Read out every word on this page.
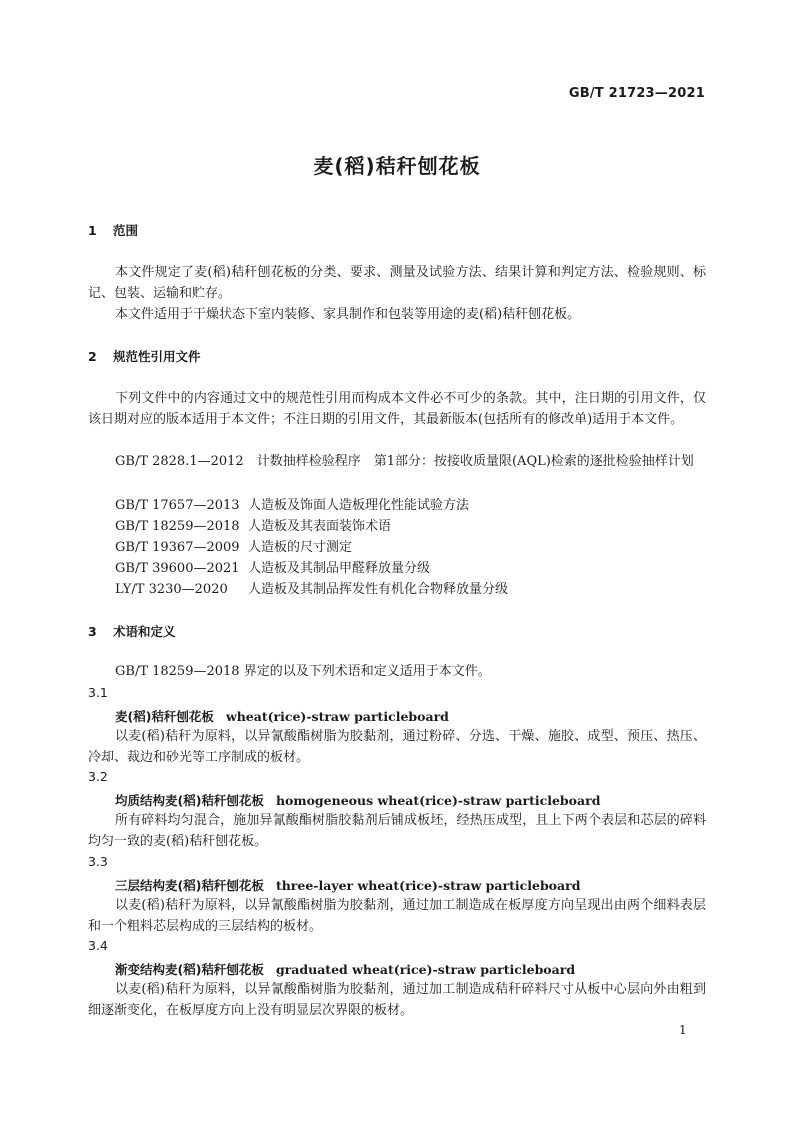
GB/T 21723—2021
麦(稻)秸秆刨花板
1 范围
本文件规定了麦(稻)秸秆刨花板的分类、要求、测量及试验方法、结果计算和判定方法、检验规则、标记、包装、运输和贮存。
本文件适用于干燥状态下室内装修、家具制作和包装等用途的麦(稻)秸秆刨花板。
2 规范性引用文件
下列文件中的内容通过文中的规范性引用而构成本文件必不可少的条款。其中，注日期的引用文件，仅该日期对应的版本适用于本文件；不注日期的引用文件，其最新版本(包括所有的修改单)适用于本文件。
GB/T 2828.1—2012　 计数抽样检验程序　第1部分：按接收质量限(AQL)检索的逐批检验抽样计划
GB/T 17657—2013 人造板及饰面人造板理化性能试验方法
GB/T 18259—2018 人造板及其表面装饰术语
GB/T 19367—2009 人造板的尺寸测定
GB/T 39600—2021 人造板及其制品甲醛释放量分级
LY/T 3230—2020 人造板及其制品挥发性有机化合物释放量分级
3 术语和定义
GB/T 18259—2018 界定的以及下列术语和定义适用于本文件。
3.1
麦(稻)秸秆刨花板 wheat(rice)-straw particleboard
以麦(稻)秸秆为原料，以异氰酸酯树脂为胶黏剂，通过粉碎、分选、干燥、施胶、成型、预压、热压、冷却、裁边和砂光等工序制成的板材。
3.2
均质结构麦(稻)秸秆刨花板 homogeneous wheat(rice)-straw particleboard
所有碎料均匀混合，施加异氰酸酯树脂胶黏剂后铺成板坯，经热压成型，且上下两个表层和芯层的碎料均匀一致的麦(稻)秸秆刨花板。
3.3
三层结构麦(稻)秸秆刨花板 three-layer wheat(rice)-straw particleboard
以麦(稻)秸秆为原料，以异氰酸酯树脂为胶黏剂，通过加工制造成在板厚度方向呈现出由两个细料表层和一个粗料芯层构成的三层结构的板材。
3.4
渐变结构麦(稻)秸秆刨花板 graduated wheat(rice)-straw particleboard
以麦(稻)秸秆为原料，以异氰酸酯树脂为胶黏剂，通过加工制造成秸秆碎料尺寸从板中心层向外由粗到细逐渐变化，在板厚度方向上没有明显层次界限的板材。
1
